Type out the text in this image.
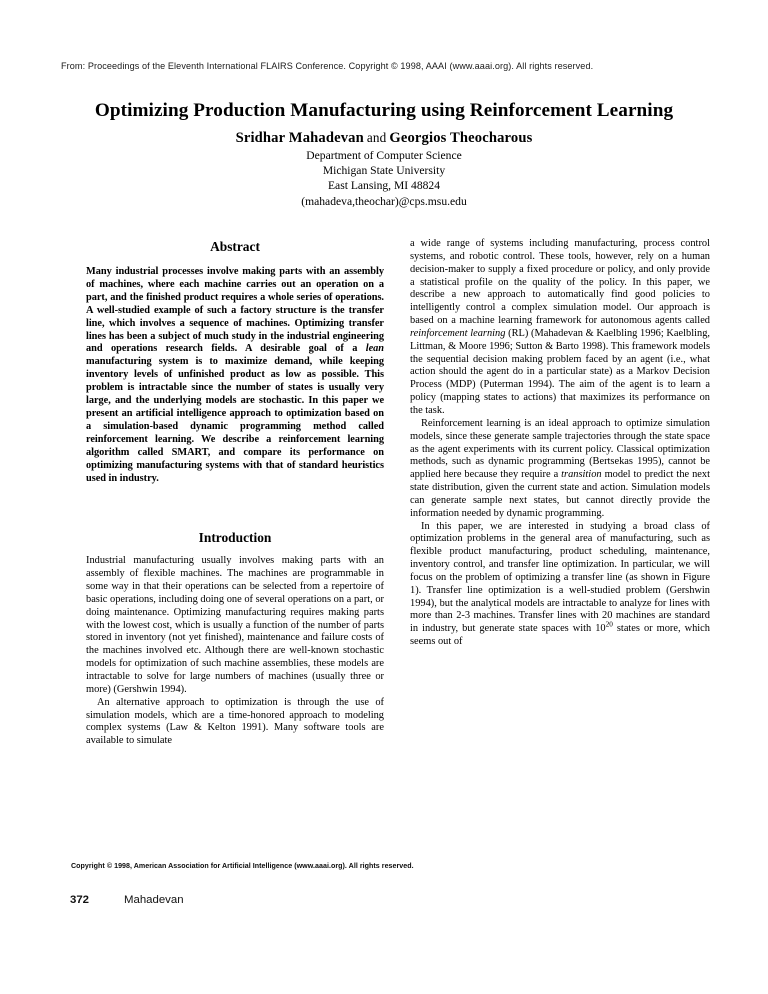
From: Proceedings of the Eleventh International FLAIRS Conference. Copyright © 1998, AAAI (www.aaai.org). All rights reserved.
Optimizing Production Manufacturing using Reinforcement Learning
Sridhar Mahadevan and Georgios Theocharous
Department of Computer Science
Michigan State University
East Lansing, MI 48824
(mahadeva,theochar)@cps.msu.edu
Abstract
Many industrial processes involve making parts with an assembly of machines, where each machine carries out an operation on a part, and the finished product requires a whole series of operations. A well-studied example of such a factory structure is the transfer line, which involves a sequence of machines. Optimizing transfer lines has been a subject of much study in the industrial engineering and operations research fields. A desirable goal of a lean manufacturing system is to maximize demand, while keeping inventory levels of unfinished product as low as possible. This problem is intractable since the number of states is usually very large, and the underlying models are stochastic. In this paper we present an artificial intelligence approach to optimization based on a simulation-based dynamic programming method called reinforcement learning. We describe a reinforcement learning algorithm called SMART, and compare its performance on optimizing manufacturing systems with that of standard heuristics used in industry.
Introduction

Industrial manufacturing usually involves making parts with an assembly of flexible machines. The machines are programmable in some way in that their operations can be selected from a repertoire of basic operations, including doing one of several operations on a part, or doing maintenance. Optimizing manufacturing requires making parts with the lowest cost, which is usually a function of the number of parts stored in inventory (not yet finished), maintenance and failure costs of the machines involved etc. Although there are well-known stochastic models for optimization of such machine assemblies, these models are intractable to solve for large numbers of machines (usually three or more) (Gershwin 1994).

An alternative approach to optimization is through the use of simulation models, which are a time-honored approach to modeling complex systems (Law & Kelton 1991). Many software tools are available to simulate

a wide range of systems including manufacturing, process control systems, and robotic control. These tools, however, rely on a human decision-maker to supply a fixed procedure or policy, and only provide a statistical profile on the quality of the policy. In this paper, we describe a new approach to automatically find good policies to intelligently control a complex simulation model. Our approach is based on a machine learning framework for autonomous agents called reinforcement learning (RL) (Mahadevan & Kaelbling 1996; Kaelbling, Littman, & Moore 1996; Sutton & Barto 1998). This framework models the sequential decision making problem faced by an agent (i.e., what action should the agent do in a particular state) as a Markov Decision Process (MDP) (Puterman 1994). The aim of the agent is to learn a policy (mapping states to actions) that maximizes its performance on the task.

Reinforcement learning is an ideal approach to optimize simulation models, since these generate sample trajectories through the state space as the agent experiments with its current policy. Classical optimization methods, such as dynamic programming (Bertsekas 1995), cannot be applied here because they require a transition model to predict the next state distribution, given the current state and action. Simulation models can generate sample next states, but cannot directly provide the information needed by dynamic programming.

In this paper, we are interested in studying a broad class of optimization problems in the general area of manufacturing, such as flexible product manufacturing, product scheduling, maintenance, inventory control, and transfer line optimization. In particular, we will focus on the problem of optimizing a transfer line (as shown in Figure 1). Transfer line optimization is a well-studied problem (Gershwin 1994), but the analytical models are intractable to analyze for lines with more than 2-3 machines. Transfer lines with 20 machines are standard in industry, but generate state spaces with $10^{20}$ states or more, which seems out of

Copyright © 1998, American Association for Artificial Intelligence (www.aaai.org). All rights reserved.
372	Mahadevan
